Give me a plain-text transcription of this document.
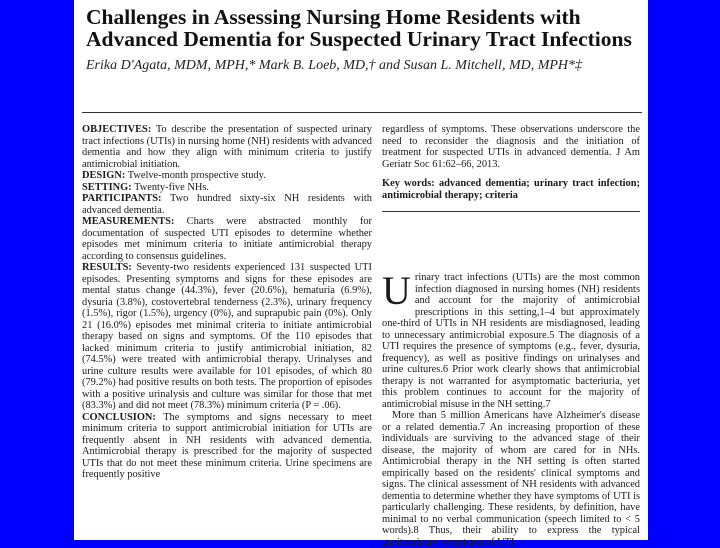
Challenges in Assessing Nursing Home Residents with Advanced Dementia for Suspected Urinary Tract Infections
Erika D'Agata, MDM, MPH,* Mark B. Loeb, MD,† and Susan L. Mitchell, MD, MPH*‡

OBJECTIVES: To describe the presentation of suspected urinary tract infections (UTIs) in nursing home (NH) residents with advanced dementia and how they align with minimum criteria to justify antimicrobial initiation.

DESIGN: Twelve-month prospective study.

SETTING: Twenty-five NHs.

PARTICIPANTS: Two hundred sixty-six NH residents with advanced dementia.

MEASUREMENTS: Charts were abstracted monthly for documentation of suspected UTI episodes to determine whether episodes met minimum criteria to initiate antimicrobial therapy according to consensus guidelines.

RESULTS: Seventy-two residents experienced 131 suspected UTI episodes. Presenting symptoms and signs for these episodes are mental status change (44.3%), fever (20.6%), hematuria (6.9%), dysuria (3.8%), costovertebral tenderness (2.3%), urinary frequency (1.5%), rigor (1.5%), urgency (0%), and suprapubic pain (0%). Only 21 (16.0%) episodes met minimal criteria to initiate antimicrobial therapy based on signs and symptoms. Of the 110 episodes that lacked minimum criteria to justify antimicrobial initiation, 82 (74.5%) were treated with antimicrobial therapy. Urinalyses and urine culture results were available for 101 episodes, of which 80 (79.2%) had positive results on both tests. The proportion of episodes with a positive urinalysis and culture was similar for those that met (83.3%) and did not meet (78.3%) minimum criteria (P = .06).

CONCLUSION: The symptoms and signs necessary to meet minimum criteria to support antimicrobial initiation for UTIs are frequently absent in NH residents with advanced dementia. Antimicrobial therapy is prescribed for the majority of suspected UTIs that do not meet these minimum criteria. Urine specimens are frequently positive

regardless of symptoms. These observations underscore the need to reconsider the diagnosis and the initiation of treatment for suspected UTIs in advanced dementia. J Am Geriatr Soc 61:62–66, 2013.

Key words: advanced dementia; urinary tract infection; antimicrobial therapy; criteria

Urinary tract infections (UTIs) are the most common infection diagnosed in nursing homes (NH) residents and account for the majority of antimicrobial prescriptions in this setting,1–4 but approximately one-third of UTIs in NH residents are misdiagnosed, leading to unnecessary antimicrobial exposure.5 The diagnosis of a UTI requires the presence of symptoms (e.g., fever, dysuria, frequency), as well as positive findings on urinalyses and urine cultures.6 Prior work clearly shows that antimicrobial therapy is not warranted for asymptomatic bacteriuria, yet this problem continues to account for the majority of antimicrobial misuse in the NH setting.7

More than 5 million Americans have Alzheimer's disease or a related dementia.7 An increasing proportion of these individuals are surviving to the advanced stage of their disease, the majority of whom are cared for in NHs. Antimicrobial therapy in the NH setting is often started empirically based on the residents' clinical symptoms and signs. The clinical assessment of NH residents with advanced dementia to determine whether they have symptoms of UTI is particularly challenging. These residents, by definition, have minimal to no verbal communication (speech limited to < 5 words).8 Thus, their ability to express the typical genitourinary symptoms of UTI
